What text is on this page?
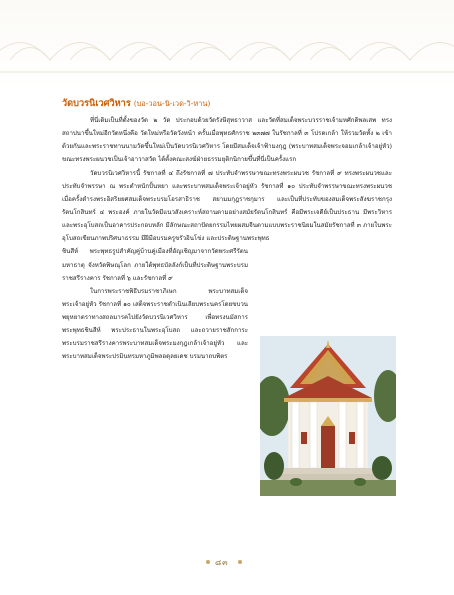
วัดบวรนิเวศวิหาร (บอ-วอน-นิ-เวด-วิ-หาน)

ที่นี่เดิมเป็นที่ตั้งของวัด ๒ วัด ประกอบด้วยวัดรังษีสุทธาวาส และวัดที่สมเด็จพระบวรราชเจ้ามหศักดิพลเสพ ทรงสถาปนาขึ้นใหม่อีกวัดหนึ่งคือ วัดใหม่หรือวัดวังหน้า ครั้นเมื่อพุทธศักราช ๒๓๗๗ ในรัชกาลที่ ๓ โปรดเกล้า ให้รวมวัดทั้ง ๒ เข้าด้วยกันและพระราชทานนามวัดขึ้นใหม่เป็นวัดบวรนิเวศวิหาร โดยมีสมเด็จเจ้าฟ้ามงกุฎ (พระบาทสมเด็จพระจอมเกล้าเจ้าอยู่หัว) ขณะทรงพระผนวชเป็นเจ้าอาวาสวัด ได้ตั้งคณะสงฆ์ฝ่ายธรรมยุติกนิกายขึ้นที่นี่เป็นครั้งแรก

วัดบวรนิเวศวิหารนี้ รัชกาลที่ ๔ ถึงรัชกาลที่ ๗ ประทับจำพรรษาขณะทรงพระผนวช รัชกาลที่ ๙ ทรงพระผนวชและประทับจำพรรษา ณ พระตำหนักปั้นหยา และพระบาทสมเด็จพระเจ้าอยู่หัว รัชกาลที่ ๑๐ ประทับจำพรรษาขณะทรงพระผนวช เมื่อครั้งดำรงพระอิสริยยศสมเด็จพระบรมโอรสาธิราช สยามมกุฎราชกุมาร และเป็นที่ประทับของสมเด็จพระสังฆราชกรุงรัตนโกสินทร์ ๔ พระองค์ ภายในวัดมีแนวสังเคราะห์สถานตามอย่างสมัยรัตนโกสินทร์ คือมีพระเจดีย์เป็นประธาน มีพระวิหารและพระอุโบสถเป็นอาคารประกอบหลัก มีลักษณะสถาปัตยกรรมไทยผสมจีนตามแบบพระราชนิยมในสมัยรัชกาลที่ ๓ ภายในพระอุโบสถเขียนภาพปริศนาธรรม มีฝีมือบรมครูขรัวอินโข่ง และประดิษฐานพระพุทธ

ชินสีห์ พระพุทธรูปสำคัญคู่บ้านคู่เมืองที่อัญเชิญมาจากวัดพระศรีรัตนมหาธาตุ จังหวัดพิษณุโลก ภายใต้พุทธบัลลังก์เป็นที่ประดิษฐานพระบรมราชสรีรางคาร รัชกาลที่ ๖ และรัชกาลที่ ๙

ในการพระราชพิธีบรมราชาภิเษก พระบาทสมเด็จพระเจ้าอยู่หัว รัชกาลที่ ๑๐ เสด็จพระราชดำเนินเลียบพระนครโดยขบวนพยุหยาตราทางสถลมารคไปยังวัดบวรนิเวศวิหาร เพื่อทรงนมัสการพระพุทธชินสีห์ พระประธานในพระอุโบสถ และถวายราชสักการะพระบรมราชสรีรางคารพระบาทสมเด็จพระมงกุฎเกล้าเจ้าอยู่หัว และพระบาทสมเด็จพระปรมินทรมหาภูมิพลอดุลยเดช บรมนาถบพิตร

๘๓
